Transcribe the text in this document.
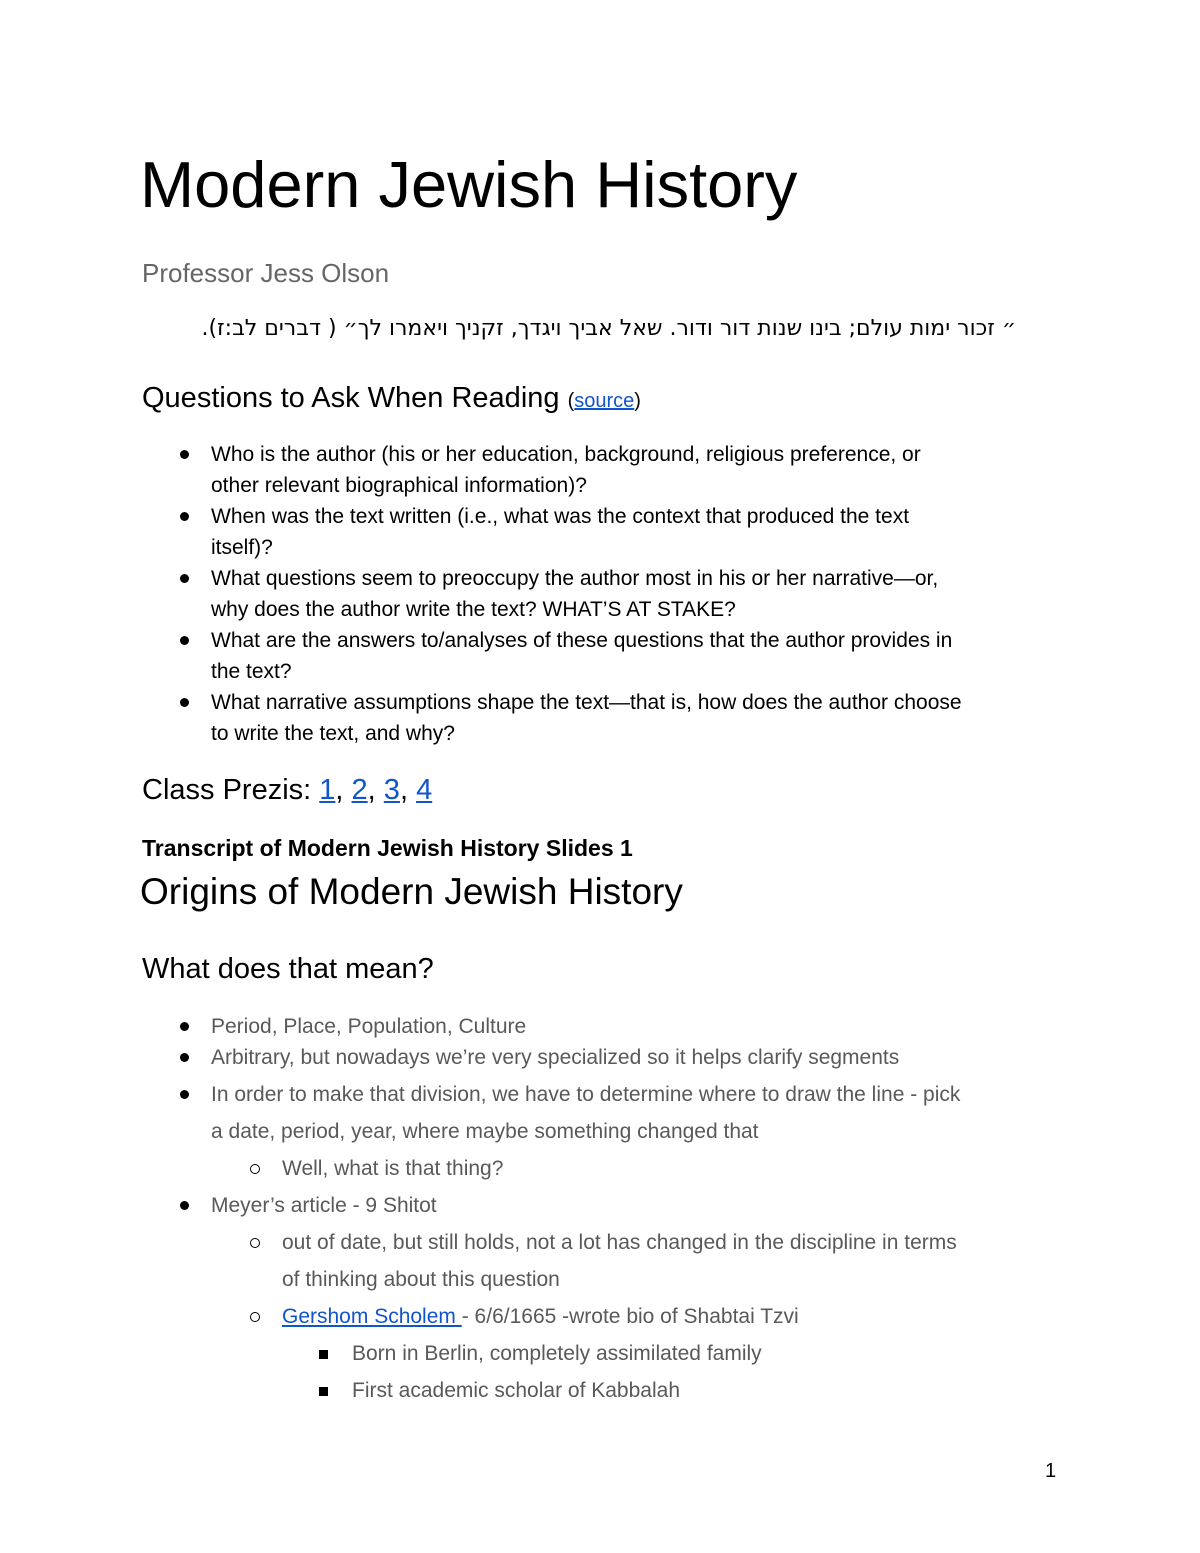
Modern Jewish History
Professor Jess Olson
״ זכור ימות עולם; בינו שנות דור ודור. שאל אביך ויגדך, זקניך ויאמרו לך״ ( דברים לב:ז).
Questions to Ask When Reading (source)
Who is the author (his or her education, background, religious preference, or
other relevant biographical information)?
When was the text written (i.e., what was the context that produced the text
itself)?
What questions seem to preoccupy the author most in his or her narrative—or,
why does the author write the text? WHAT’S AT STAKE?
What are the answers to/analyses of these questions that the author provides in
the text?
What narrative assumptions shape the text—that is, how does the author choose
to write the text, and why?
Class Prezis: 1, 2, 3, 4
Transcript of Modern Jewish History Slides 1
Origins of Modern Jewish History
What does that mean?
Period, Place, Population, Culture
Arbitrary, but nowadays we’re very specialized so it helps clarify segments
In order to make that division, we have to determine where to draw the line - pick
a date, period, year, where maybe something changed that
Well, what is that thing?
Meyer’s article - 9 Shitot
out of date, but still holds, not a lot has changed in the discipline in terms
of thinking about this question
Gershom Scholem - 6/6/1665 -wrote bio of Shabtai Tzvi
Born in Berlin, completely assimilated family
First academic scholar of Kabbalah
1
